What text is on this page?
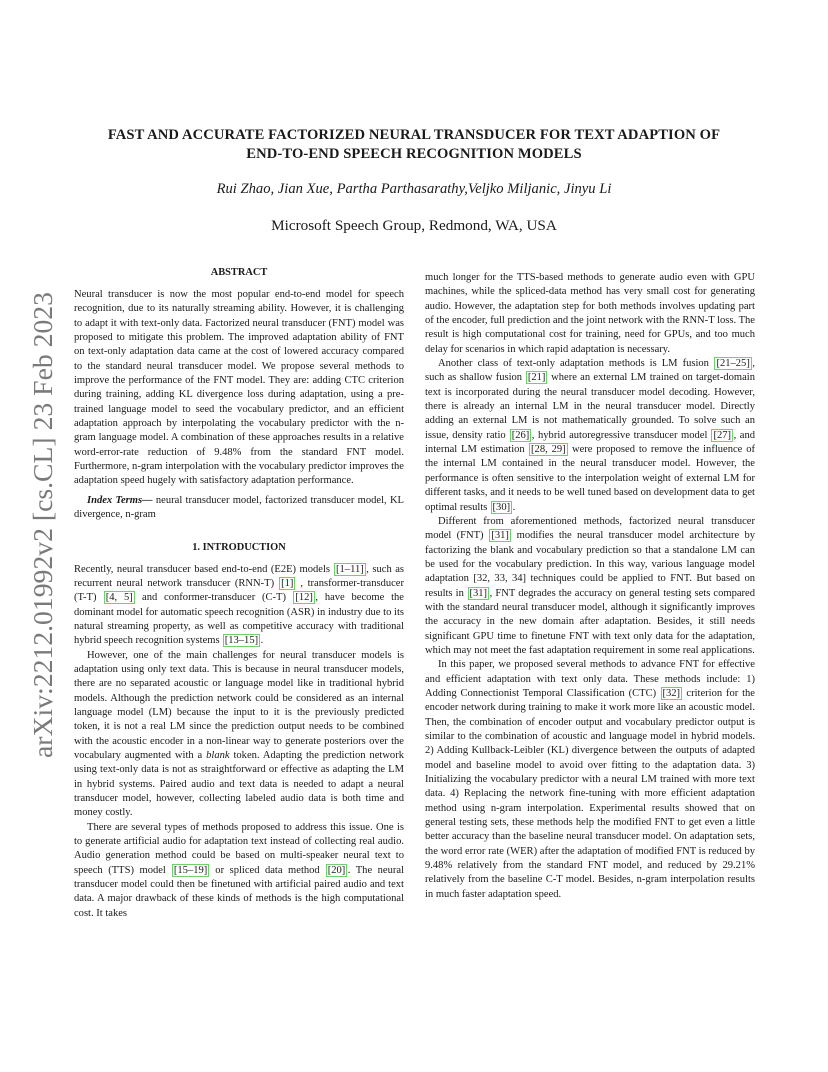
arXiv:2212.01992v2 [cs.CL] 23 Feb 2023
FAST AND ACCURATE FACTORIZED NEURAL TRANSDUCER FOR TEXT ADAPTION OF
END-TO-END SPEECH RECOGNITION MODELS
Rui Zhao, Jian Xue, Partha Parthasarathy,Veljko Miljanic, Jinyu Li
Microsoft Speech Group, Redmond, WA, USA
ABSTRACT

Neural transducer is now the most popular end-to-end model for speech recognition, due to its naturally streaming ability. However, it is challenging to adapt it with text-only data. Factorized neural transducer (FNT) model was proposed to mitigate this problem. The improved adaptation ability of FNT on text-only adaptation data came at the cost of lowered accuracy compared to the standard neural transducer model. We propose several methods to improve the performance of the FNT model. They are: adding CTC criterion during training, adding KL divergence loss during adaptation, using a pre-trained language model to seed the vocabulary predictor, and an efficient adaptation approach by interpolating the vocabulary predictor with the n-gram language model. A combination of these approaches results in a relative word-error-rate reduction of 9.48% from the standard FNT model. Furthermore, n-gram interpolation with the vocabulary predictor improves the adaptation speed hugely with satisfactory adaptation performance.

Index Terms— neural transducer model, factorized transducer model, KL divergence, n-gram

1. INTRODUCTION

Recently, neural transducer based end-to-end (E2E) models [1–11] , such as recurrent neural network transducer (RNN-T) [1] , transformer-transducer (T-T) [4, 5] and conformer-transducer (C-T) [12] , have become the dominant model for automatic speech recognition (ASR) in industry due to its natural streaming property, as well as competitive accuracy with traditional hybrid speech recognition systems [13–15] .

However, one of the main challenges for neural transducer models is adaptation using only text data. This is because in neural transducer models, there are no separated acoustic or language model like in traditional hybrid models. Although the prediction network could be considered as an internal language model (LM) because the input to it is the previously predicted token, it is not a real LM since the prediction output needs to be combined with the acoustic encoder in a non-linear way to generate posteriors over the vocabulary augmented with a blank token. Adapting the prediction network using text-only data is not as straightforward or effective as adapting the LM in hybrid systems. Paired audio and text data is needed to adapt a neural transducer model, however, collecting labeled audio data is both time and money costly.

There are several types of methods proposed to address this issue. One is to generate artificial audio for adaptation text instead of collecting real audio. Audio generation method could be based on multi-speaker neural text to speech (TTS) model [15–19] or spliced data method [20] . The neural transducer model could then be finetuned with artificial paired audio and text data. A major drawback of these kinds of methods is the high computational cost. It takes

much longer for the TTS-based methods to generate audio even with GPU machines, while the spliced-data method has very small cost for generating audio. However, the adaptation step for both methods involves updating part of the encoder, full prediction and the joint network with the RNN-T loss. The result is high computational cost for training, need for GPUs, and too much delay for scenarios in which rapid adaptation is necessary.

Another class of text-only adaptation methods is LM fusion [21–25] , such as shallow fusion [21] where an external LM trained on target-domain text is incorporated during the neural transducer model decoding. However, there is already an internal LM in the neural transducer model. Directly adding an external LM is not mathematically grounded. To solve such an issue, density ratio [26] , hybrid autoregressive transducer model [27] , and internal LM estimation [28, 29] were proposed to remove the influence of the internal LM contained in the neural transducer model. However, the performance is often sensitive to the interpolation weight of external LM for different tasks, and it needs to be well tuned based on development data to get optimal results [30] .

Different from aforementioned methods, factorized neural transducer model (FNT) [31] modifies the neural transducer model architecture by factorizing the blank and vocabulary prediction so that a standalone LM can be used for the vocabulary prediction. In this way, various language model adaptation [32, 33, 34] techniques could be applied to FNT. But based on results in [31] , FNT degrades the accuracy on general testing sets compared with the standard neural transducer model, although it significantly improves the accuracy in the new domain after adaptation. Besides, it still needs significant GPU time to finetune FNT with text only data for the adaptation, which may not meet the fast adaptation requirement in some real applications.

In this paper, we proposed several methods to advance FNT for effective and efficient adaptation with text only data. These methods include: 1) Adding Connectionist Temporal Classification (CTC) [32] criterion for the encoder network during training to make it work more like an acoustic model. Then, the combination of encoder output and vocabulary predictor output is similar to the combination of acoustic and language model in hybrid models. 2) Adding Kullback-Leibler (KL) divergence between the outputs of adapted model and baseline model to avoid over fitting to the adaptation data. 3) Initializing the vocabulary predictor with a neural LM trained with more text data. 4) Replacing the network fine-tuning with more efficient adaptation method using n-gram interpolation. Experimental results showed that on general testing sets, these methods help the modified FNT to get even a little better accuracy than the baseline neural transducer model. On adaptation sets, the word error rate (WER) after the adaptation of modified FNT is reduced by 9.48% relatively from the standard FNT model, and reduced by 29.21% relatively from the baseline C-T model. Besides, n-gram interpolation results in much faster adaptation speed.
